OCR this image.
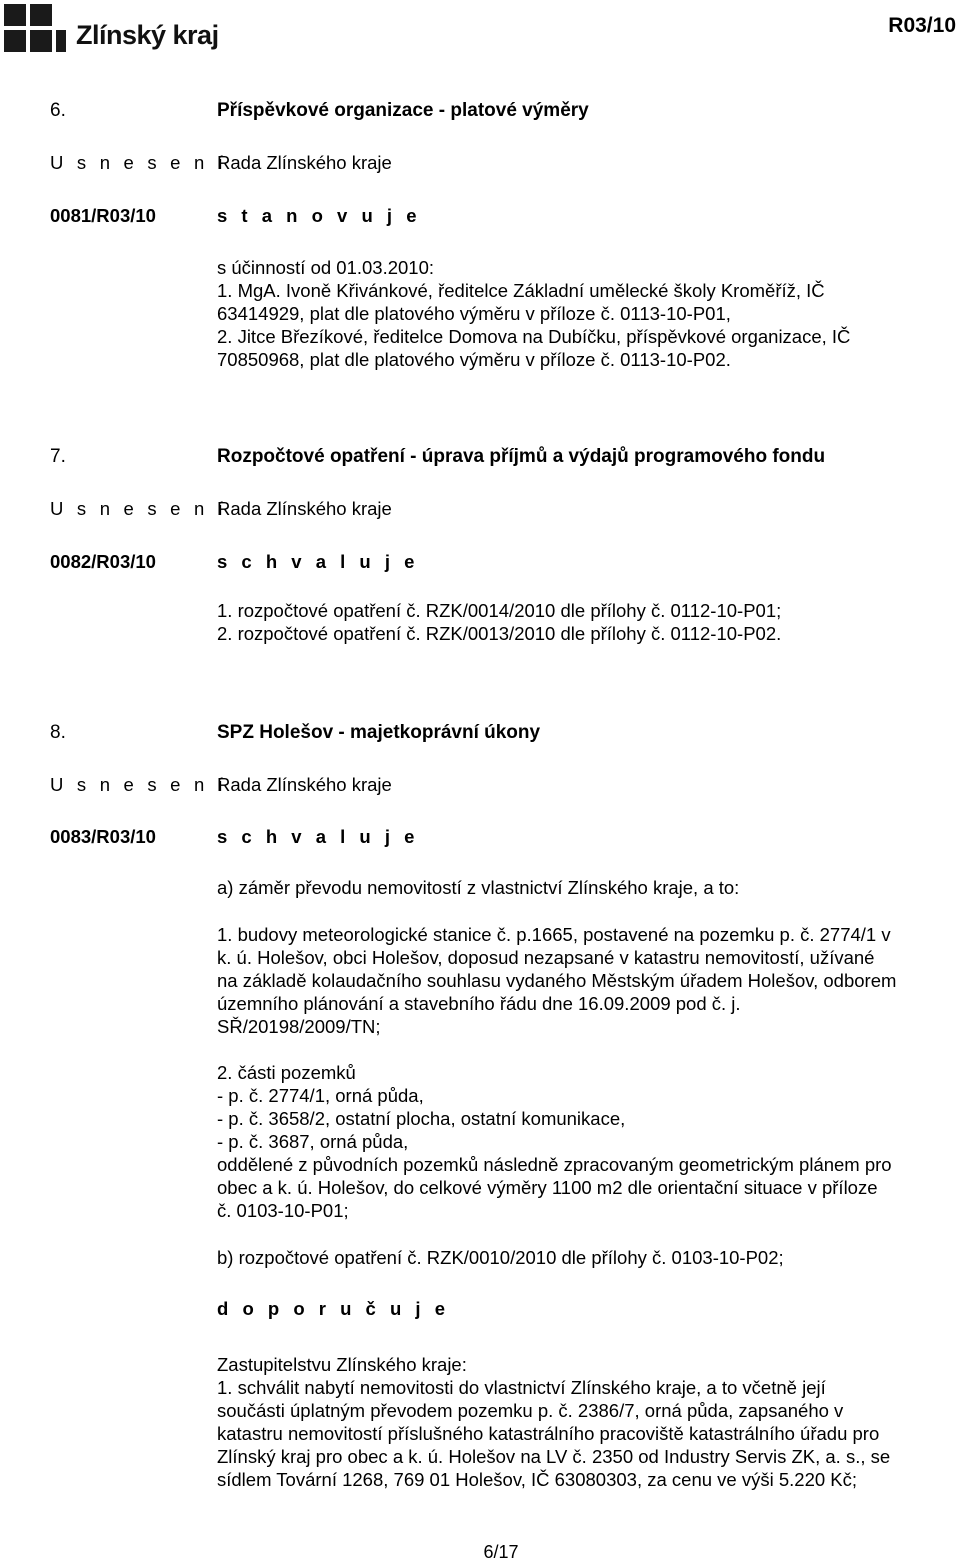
Zlínský kraj	R03/10
6.	Příspěvkové organizace - platové výměry
U s n e s e n í
Rada Zlínského kraje
0081/R03/10	s t a n o v u j e
s účinností od 01.03.2010:
1. MgA. Ivoně Křivánkové, ředitelce Základní umělecké školy Kroměříž, IČ
63414929, plat dle platového výměru v příloze č. 0113-10-P01,
2. Jitce Březíkové, ředitelce Domova na Dubíčku, příspěvkové organizace, IČ
70850968, plat dle platového výměru v příloze č. 0113-10-P02.
7.	Rozpočtové opatření - úprava příjmů a výdajů programového fondu
U s n e s e n í
Rada Zlínského kraje
0082/R03/10	s c h v a l u j e
1. rozpočtové opatření č. RZK/0014/2010 dle přílohy č. 0112-10-P01;
2. rozpočtové opatření č. RZK/0013/2010 dle přílohy č. 0112-10-P02.
8.	SPZ Holešov - majetkoprávní úkony
U s n e s e n í
Rada Zlínského kraje
0083/R03/10	s c h v a l u j e
a) záměr převodu nemovitostí z vlastnictví Zlínského kraje, a to:
1. budovy meteorologické stanice č. p.1665, postavené na pozemku p. č. 2774/1 v
k. ú. Holešov, obci Holešov, doposud nezapsané v katastru nemovitostí, užívané
na základě kolaudačního souhlasu vydaného Městským úřadem Holešov, odborem
územního plánování a stavebního řádu dne 16.09.2009 pod č. j.
SŘ/20198/2009/TN;
2. části pozemků
- p. č. 2774/1, orná půda,
- p. č. 3658/2, ostatní plocha, ostatní komunikace,
- p. č. 3687, orná půda,
oddělené z původních pozemků následně zpracovaným geometrickým plánem pro
obec a k. ú. Holešov, do celkové výměry 1100 m2 dle orientační situace v příloze
č. 0103-10-P01;
b) rozpočtové opatření č. RZK/0010/2010 dle přílohy č. 0103-10-P02;
d o p o r u č u j e
Zastupitelstvu Zlínského kraje:
1. schválit nabytí nemovitosti do vlastnictví Zlínského kraje, a to včetně její
součásti úplatným převodem pozemku p. č. 2386/7, orná půda, zapsaného v
katastru nemovitostí příslušného katastrálního pracoviště katastrálního úřadu pro
Zlínský kraj pro obec a k. ú. Holešov na LV č. 2350 od Industry Servis ZK, a. s., se
sídlem Tovární 1268, 769 01 Holešov, IČ 63080303, za cenu ve výši 5.220 Kč;
6/17
